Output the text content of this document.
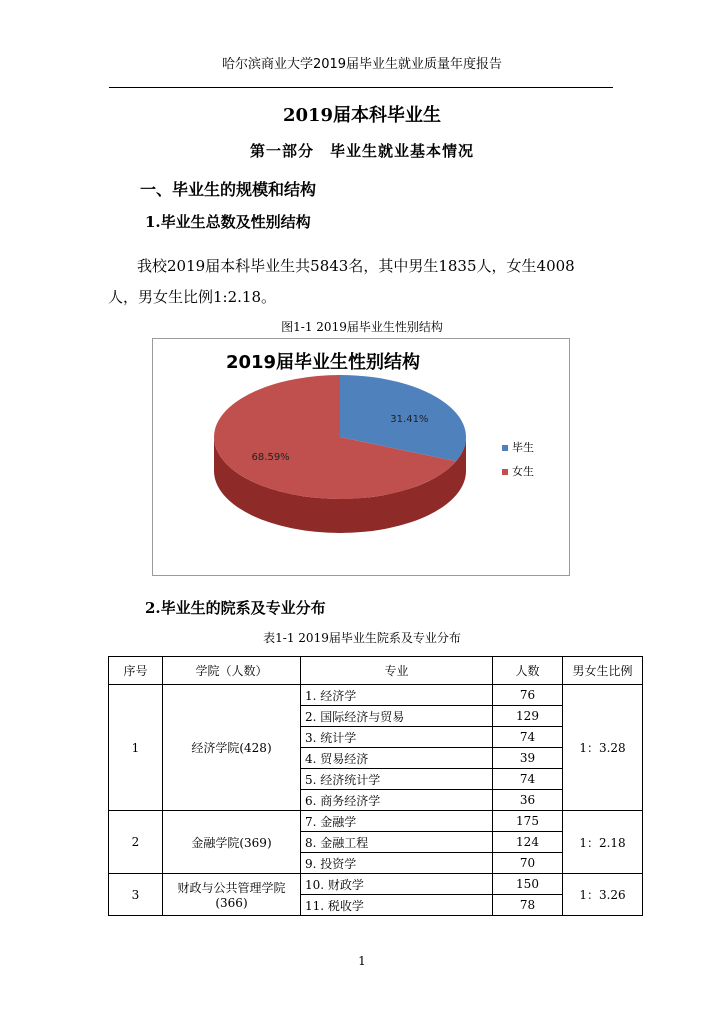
哈尔滨商业大学2019届毕业生就业质量年度报告
2019届本科毕业生
第一部分　毕业生就业基本情况
一、毕业生的规模和结构
1.毕业生总数及性别结构
我校2019届本科毕业生共5843名，其中男生1835人，女生4008
人，男女生比例1:2.18。
图1-1 2019届毕业生性别结构
2019届毕业生性别结构
31.41%
68.59%
毕生
女生
2.毕业生的院系及专业分布
表1-1 2019届毕业生院系及专业分布
序号	学院（人数）	专业	人数	男女生比例
1	经济学院(428)	1. 经济学	76	1：3.28
		2. 国际经济与贸易	129	
		3. 统计学	74	
		4. 贸易经济	39	
		5. 经济统计学	74	
		6. 商务经济学	36	
2	金融学院(369)	7. 金融学	175	1：2.18
		8. 金融工程	124	
		9. 投资学	70	
3	财政与公共管理学院
(366)	10. 财政学	150	1：3.26
		11. 税收学	78	
1
